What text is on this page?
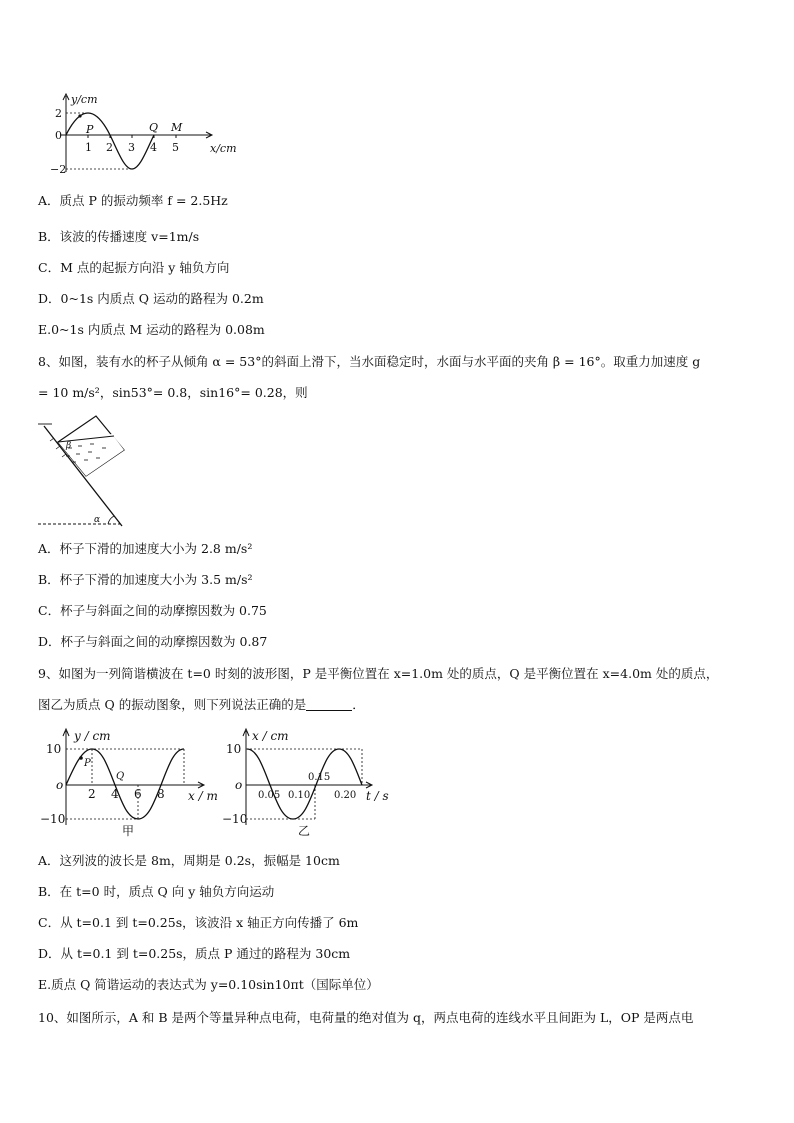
y/cm
2
0
−2
P	Q M
1 2 3 4 5	x/cm
A．质点 P 的振动频率 f = 2.5Hz
B．该波的传播速度 v=1m/s
C．M 点的起振方向沿 y 轴负方向
D．0~1s 内质点 Q 运动的路程为 0.2m
E.0~1s 内质点 M 运动的路程为 0.08m
8、如图，装有水的杯子从倾角 α = 53°的斜面上滑下，当水面稳定时，水面与水平面的夹角 β = 16°。取重力加速度 g
= 10 m/s²，sin53°= 0.8，sin16°= 0.28，则
α
β
A．杯子下滑的加速度大小为 2.8 m/s²
B．杯子下滑的加速度大小为 3.5 m/s²
C．杯子与斜面之间的动摩擦因数为 0.75
D．杯子与斜面之间的动摩擦因数为 0.87
9、如图为一列简谐横波在 t=0 时刻的波形图，P 是平衡位置在 x=1.0m 处的质点，Q 是平衡位置在 x=4.0m 处的质点，
图乙为质点 Q 的振动图象，则下列说法正确的是	．
y / cm
10
o
−10
P
Q
2 4 6 8 x / m
甲
x / cm
10
o
−10
0.05 0.10
0.15
0.20 t / s
乙
A．这列波的波长是 8m，周期是 0.2s，振幅是 10cm
B．在 t=0 时，质点 Q 向 y 轴负方向运动
C．从 t=0.1 到 t=0.25s，该波沿 x 轴正方向传播了 6m
D．从 t=0.1 到 t=0.25s，质点 P 通过的路程为 30cm
E.质点 Q 简谐运动的表达式为 y=0.10sin10πt（国际单位）
10、如图所示，A 和 B 是两个等量异种点电荷，电荷量的绝对值为 q，两点电荷的连线水平且间距为 L，OP 是两点电
